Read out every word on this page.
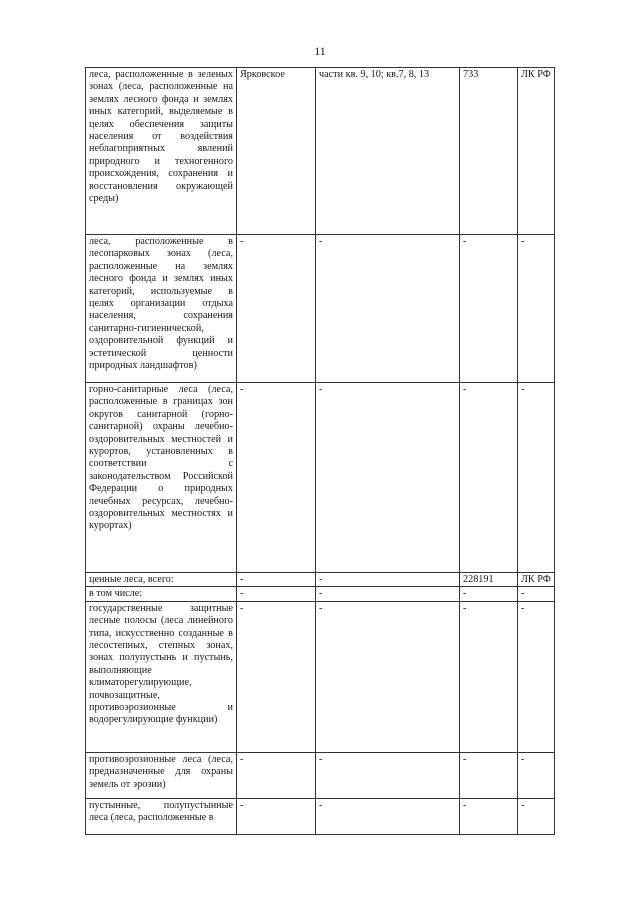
11
леса, расположенные в зеленых зонах (леса, расположенные на землях лесного фонда и землях иных категорий, выделяемые в целях обеспечения защиты населения от воздействия неблагоприятных явлений природного и техногенного происхождения, сохранения и восстановления окружающей среды)	Ярковское	части кв. 9, 10; кв.7, 8, 13	733	ЛК РФ
леса, расположенные в лесопарковых зонах (леса, расположенные на землях лесного фонда и землях иных категорий, используемые в целях организации отдыха населения, сохранения санитарно-гигиенической, оздоровительной функций и эстетической ценности природных ландшафтов)	-	-	-	-
горно-санитарные леса (леса, расположенные в границах зон округов санитарной (горно-санитарной) охраны лечебно-оздоровительных местностей и курортов, установленных в соответствии с законодательством Российской Федерации о природных лечебных ресурсах, лечебно-оздоровительных местностях и курортах)	-	-	-	-
ценные леса, всего:	-	-	228191	ЛК РФ
в том числе:	-	-	-	-
государственные защитные лесные полосы (леса линейного типа, искусственно созданные в лесостепных, степных зонах, зонах полупустынь и пустынь, выполняющие климаторегулирующие, почвозащитные, противоэрозионные и водорегулирующие функции)	-	-	-	-
противоэрозионные леса (леса, предназначенные для охраны земель от эрозии)	-	-	-	-
пустынные, полупустынные леса (леса, расположенные в	-	-	-	-
